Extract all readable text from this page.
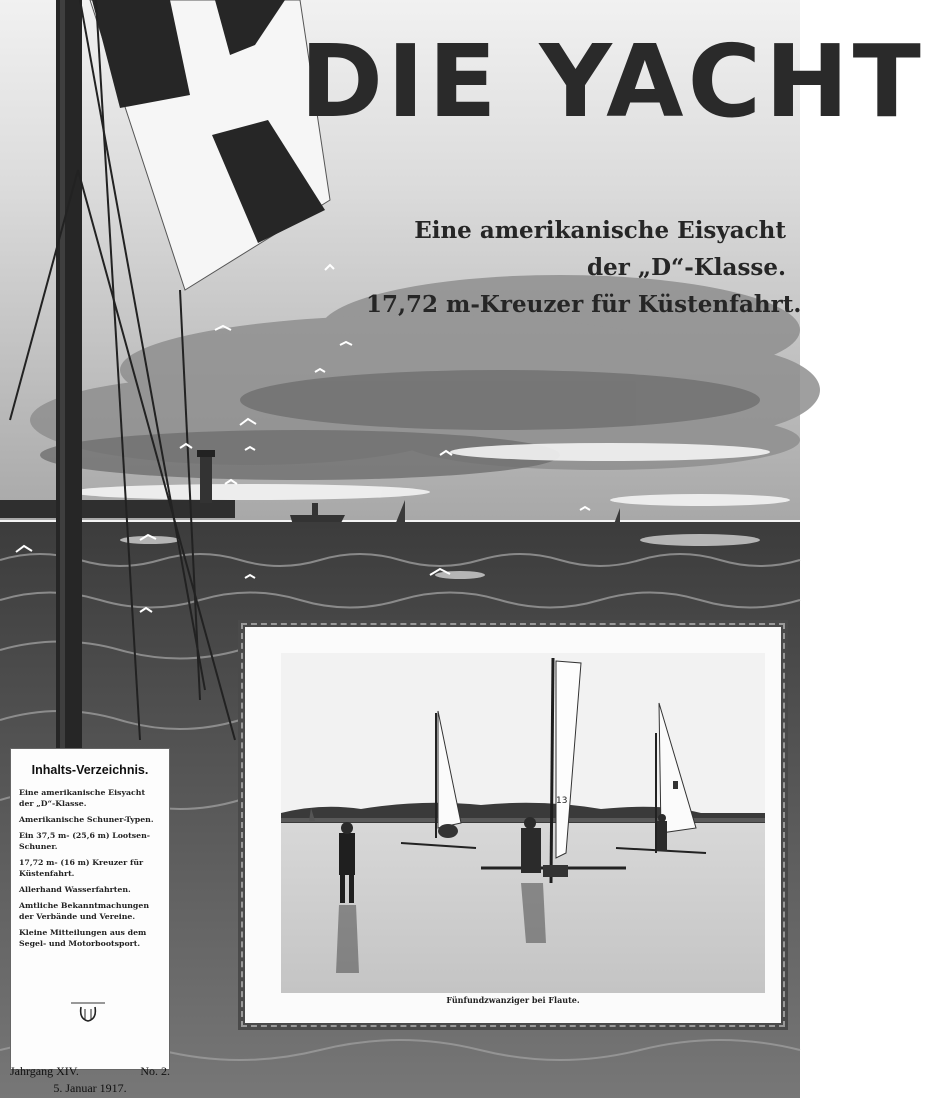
DIE YACHT
Eine amerikanische Eisyacht
der „D“-Klasse.
17,72 m-Kreuzer für Küstenfahrt.
13
Fünfundzwanziger bei Flaute.
Inhalts-Verzeichnis.
Eine amerikanische Eisyacht der „D“-Klasse.
Amerikanische Schuner-Typen.
Ein 37,5 m- (25,6 m) Lootsen-Schuner.
17,72 m- (16 m) Kreuzer für Küstenfahrt.
Allerhand Wasserfahrten.
Amtliche Bekanntmachungen der Verbände und Vereine.
Kleine Mitteilungen aus dem Segel- und Motorbootsport.
Jahrgang XIV.	No. 2.
5. Januar 1917.
